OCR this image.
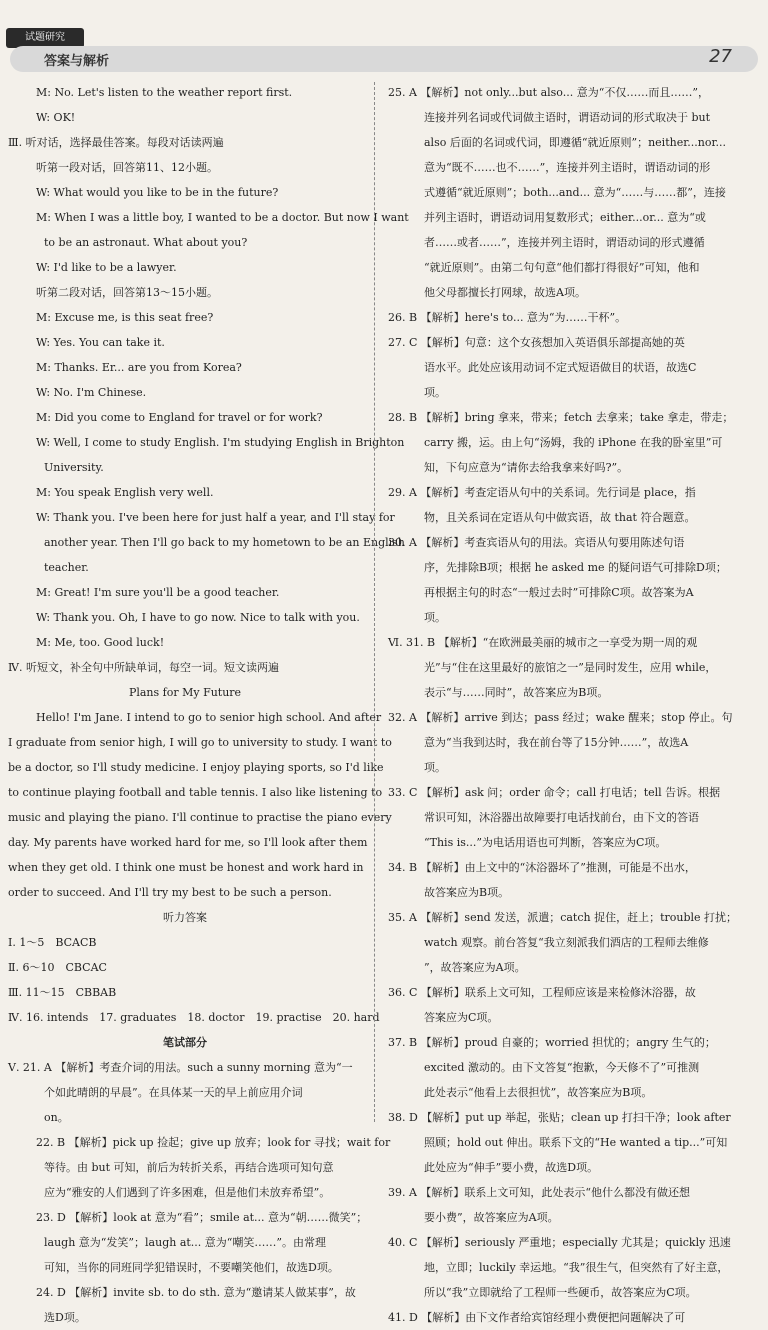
试题研究
答案与解析	27
M: No. Let's listen to the weather report first.
W: OK!
Ⅲ. 听对话，选择最佳答案。每段对话读两遍
听第一段对话，回答第11、12小题。
W: What would you like to be in the future?
M: When I was a little boy, I wanted to be a doctor. But now I want
to be an astronaut. What about you?
W: I'd like to be a lawyer.
听第二段对话，回答第13～15小题。
M: Excuse me, is this seat free?
W: Yes. You can take it.
M: Thanks. Er... are you from Korea?
W: No. I'm Chinese.
M: Did you come to England for travel or for work?
W: Well, I come to study English. I'm studying English in Brighton
University.
M: You speak English very well.
W: Thank you. I've been here for just half a year, and I'll stay for
another year. Then I'll go back to my hometown to be an English
teacher.
M: Great! I'm sure you'll be a good teacher.
W: Thank you. Oh, I have to go now. Nice to talk with you.
M: Me, too. Good luck!
Ⅳ. 听短文，补全句中所缺单词，每空一词。短文读两遍
Plans for My Future
Hello! I'm Jane. I intend to go to senior high school. And after
I graduate from senior high, I will go to university to study. I want to
be a doctor, so I'll study medicine. I enjoy playing sports, so I'd like
to continue playing football and table tennis. I also like listening to
music and playing the piano. I'll continue to practise the piano every
day. My parents have worked hard for me, so I'll look after them
when they get old. I think one must be honest and work hard in
order to succeed. And I'll try my best to be such a person.
听力答案
Ⅰ. 1～5　BCACB
Ⅱ. 6～10　CBCAC
Ⅲ. 11～15　CBBAB
Ⅳ. 16. intends　17. graduates　18. doctor　19. practise　20. hard
笔试部分
Ⅴ. 21. A 【解析】考查介词的用法。such a sunny morning 意为“一
个如此晴朗的早晨”。在具体某一天的早上前应用介词
on。
22. B 【解析】pick up 捡起；give up 放弃；look for 寻找；wait for
等待。由 but 可知，前后为转折关系，再结合选项可知句意
应为“雅安的人们遇到了许多困难，但是他们未放弃希望”。
23. D 【解析】look at 意为“看”；smile at... 意为“朝……微笑”；
laugh 意为“发笑”；laugh at... 意为“嘲笑……”。由常理
可知，当你的同班同学犯错误时，不要嘲笑他们，故选D项。
24. D 【解析】invite sb. to do sth. 意为“邀请某人做某事”，故
选D项。
25. A 【解析】not only...but also... 意为“不仅……而且……”，
连接并列名词或代词做主语时，谓语动词的形式取决于 but
also 后面的名词或代词，即遵循“就近原则”；neither...nor...
意为“既不……也不……”，连接并列主语时，谓语动词的形
式遵循“就近原则”；both...and... 意为“……与……都”，连接
并列主语时，谓语动词用复数形式；either...or... 意为“或
者……或者……”，连接并列主语时，谓语动词的形式遵循
“就近原则”。由第二句句意“他们都打得很好”可知，他和
他父母都擅长打网球，故选A项。
26. B 【解析】here's to... 意为“为……干杯”。
27. C 【解析】句意：这个女孩想加入英语俱乐部提高她的英
语水平。此处应该用动词不定式短语做目的状语，故选C
项。
28. B 【解析】bring 拿来，带来；fetch 去拿来；take 拿走，带走；
carry 搬，运。由上句“汤姆，我的 iPhone 在我的卧室里”可
知，下句应意为“请你去给我拿来好吗?”。
29. A 【解析】考查定语从句中的关系词。先行词是 place，指
物，且关系词在定语从句中做宾语，故 that 符合题意。
30. A 【解析】考查宾语从句的用法。宾语从句要用陈述句语
序，先排除B项；根据 he asked me 的疑问语气可排除D项；
再根据主句的时态“一般过去时”可排除C项。故答案为A
项。
Ⅵ. 31. B 【解析】“在欧洲最美丽的城市之一享受为期一周的观
光”与“住在这里最好的旅馆之一”是同时发生，应用 while，
表示“与……同时”，故答案应为B项。
32. A 【解析】arrive 到达；pass 经过；wake 醒来；stop 停止。句
意为“当我到达时，我在前台等了15分钟……”，故选A
项。
33. C 【解析】ask 问；order 命令；call 打电话；tell 告诉。根据
常识可知，沐浴器出故障要打电话找前台，由下文的答语
“This is...”为电话用语也可判断，答案应为C项。
34. B 【解析】由上文中的“沐浴器坏了”推测，可能是不出水，
故答案应为B项。
35. A 【解析】send 发送，派遣；catch 捉住，赶上；trouble 打扰；
watch 观察。前台答复“我立刻派我们酒店的工程师去维修
”，故答案应为A项。
36. C 【解析】联系上文可知，工程师应该是来检修沐浴器，故
答案应为C项。
37. B 【解析】proud 自豪的；worried 担忧的；angry 生气的；
excited 激动的。由下文答复“抱歉，今天修不了”可推测
此处表示“他看上去很担忧”，故答案应为B项。
38. D 【解析】put up 举起，张贴；clean up 打扫干净；look after
照顾；hold out 伸出。联系下文的“He wanted a tip...”可知
此处应为“伸手”要小费，故选D项。
39. A 【解析】联系上文可知，此处表示“他什么都没有做还想
要小费”，故答案应为A项。
40. C 【解析】seriously 严重地；especially 尤其是；quickly 迅速
地，立即；luckily 幸运地。“我”很生气，但突然有了好主意，
所以“我”立即就给了工程师一些硬币，故答案应为C项。
41. D 【解析】由下文作者给宾馆经理小费便把问题解决了可
